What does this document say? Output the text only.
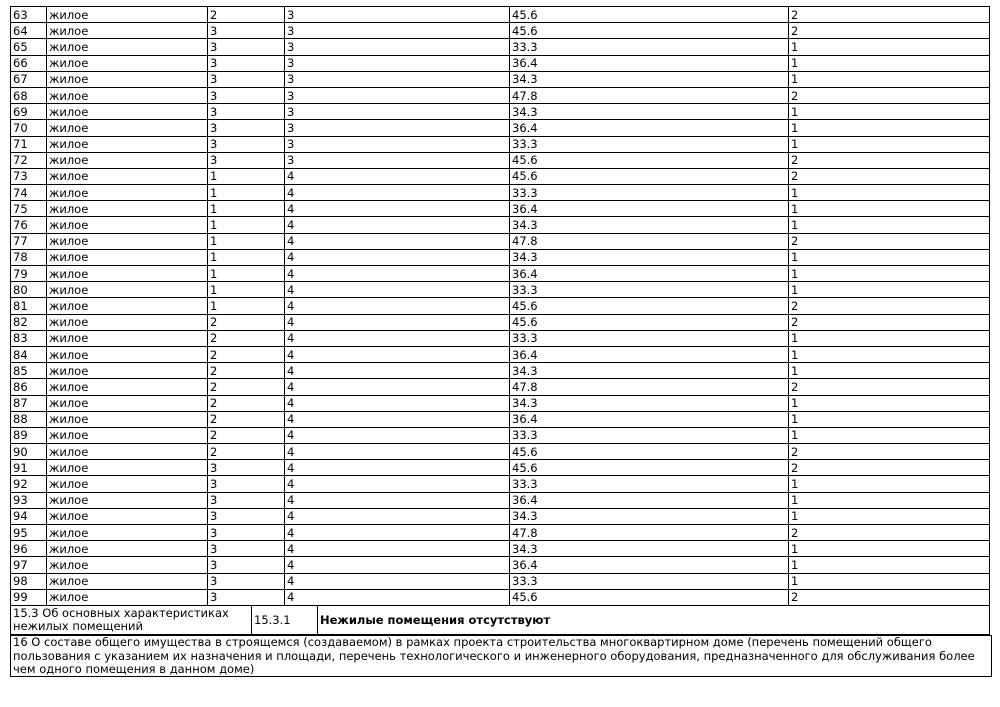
63	жилое	2	3	45.6	2
64	жилое	3	3	45.6	2
65	жилое	3	3	33.3	1
66	жилое	3	3	36.4	1
67	жилое	3	3	34.3	1
68	жилое	3	3	47.8	2
69	жилое	3	3	34.3	1
70	жилое	3	3	36.4	1
71	жилое	3	3	33.3	1
72	жилое	3	3	45.6	2
73	жилое	1	4	45.6	2
74	жилое	1	4	33.3	1
75	жилое	1	4	36.4	1
76	жилое	1	4	34.3	1
77	жилое	1	4	47.8	2
78	жилое	1	4	34.3	1
79	жилое	1	4	36.4	1
80	жилое	1	4	33.3	1
81	жилое	1	4	45.6	2
82	жилое	2	4	45.6	2
83	жилое	2	4	33.3	1
84	жилое	2	4	36.4	1
85	жилое	2	4	34.3	1
86	жилое	2	4	47.8	2
87	жилое	2	4	34.3	1
88	жилое	2	4	36.4	1
89	жилое	2	4	33.3	1
90	жилое	2	4	45.6	2
91	жилое	3	4	45.6	2
92	жилое	3	4	33.3	1
93	жилое	3	4	36.4	1
94	жилое	3	4	34.3	1
95	жилое	3	4	47.8	2
96	жилое	3	4	34.3	1
97	жилое	3	4	36.4	1
98	жилое	3	4	33.3	1
99	жилое	3	4	45.6	2
15.3 Об основных характеристиках нежилых помещений	15.3.1	Нежилые помещения отсутствуют
16 О составе общего имущества в строящемся (создаваемом) в рамках проекта строительства многоквартирном доме (перечень помещений общего пользования с указанием их назначения и площади, перечень технологического и инженерного оборудования, предназначенного для обслуживания более чем одного помещения в данном доме)
